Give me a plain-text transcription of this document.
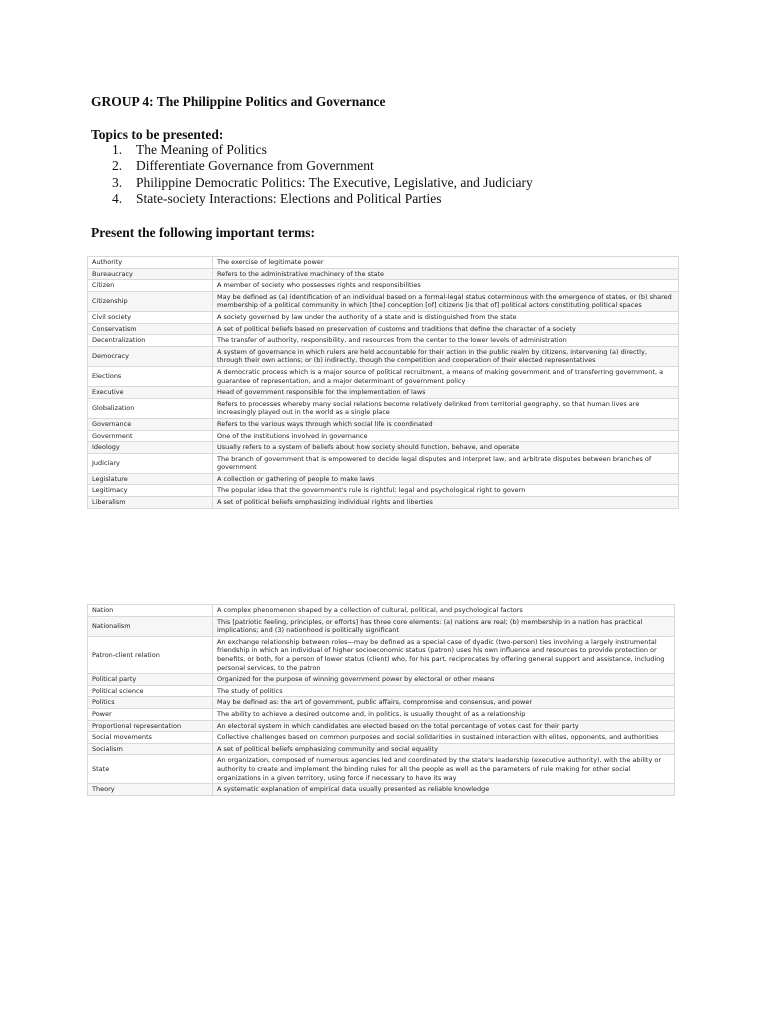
GROUP 4: The Philippine Politics and Governance
Topics to be presented:
1. The Meaning of Politics
2. Differentiate Governance from Government
3. Philippine Democratic Politics: The Executive, Legislative, and Judiciary
4. State-society Interactions: Elections and Political Parties
Present the following important terms:
Authority	The exercise of legitimate power
Bureaucracy	Refers to the administrative machinery of the state
Citizen	A member of society who possesses rights and responsibilities
Citizenship	May be defined as (a) identification of an individual based on a formal-legal status coterminous with the emergence of states, or (b) shared membership of a political community in which [the] conception [of] citizens [is that of] political actors constituting political spaces
Civil society	A society governed by law under the authority of a state and is distinguished from the state
Conservatism	A set of political beliefs based on preservation of customs and traditions that define the character of a society
Decentralization	The transfer of authority, responsibility, and resources from the center to the lower levels of administration
Democracy	A system of governance in which rulers are held accountable for their action in the public realm by citizens, intervening (a) directly, through their own actions; or (b) indirectly, though the competition and cooperation of their elected representatives
Elections	A democratic process which is a major source of political recruitment, a means of making government and of transferring government, a guarantee of representation, and a major determinant of government policy
Executive	Head of government responsible for the implementation of laws
Globalization	Refers to processes whereby many social relations become relatively delinked from territorial geography, so that human lives are increasingly played out in the world as a single place
Governance	Refers to the various ways through which social life is coordinated
Government	One of the institutions involved in governance
Ideology	Usually refers to a system of beliefs about how society should function, behave, and operate
Judiciary	The branch of government that is empowered to decide legal disputes and interpret law, and arbitrate disputes between branches of government
Legislature	A collection or gathering of people to make laws
Legitimacy	The popular idea that the government's rule is rightful; legal and psychological right to govern
Liberalism	A set of political beliefs emphasizing individual rights and liberties
Nation	A complex phenomenon shaped by a collection of cultural, political, and psychological factors
Nationalism	This [patriotic feeling, principles, or efforts] has three core elements: (a) nations are real; (b) membership in a nation has practical implications; and (3) nationhood is politically significant
Patron-client relation	An exchange relationship between roles—may be defined as a special case of dyadic (two-person) ties involving a largely instrumental friendship in which an individual of higher socioeconomic status (patron) uses his own influence and resources to provide protection or benefits, or both, for a person of lower status (client) who, for his part, reciprocates by offering general support and assistance, including personal services, to the patron
Political party	Organized for the purpose of winning government power by electoral or other means
Political science	The study of politics
Politics	May be defined as: the art of government, public affairs, compromise and consensus, and power
Power	The ability to achieve a desired outcome and, in politics, is usually thought of as a relationship
Proportional representation	An electoral system in which candidates are elected based on the total percentage of votes cast for their party
Social movements	Collective challenges based on common purposes and social solidarities in sustained interaction with elites, opponents, and authorities
Socialism	A set of political beliefs emphasizing community and social equality
State	An organization, composed of numerous agencies led and coordinated by the state's leadership (executive authority), with the ability or authority to create and implement the binding rules for all the people as well as the parameters of rule making for other social organizations in a given territory, using force if necessary to have its way
Theory	A systematic explanation of empirical data usually presented as reliable knowledge
